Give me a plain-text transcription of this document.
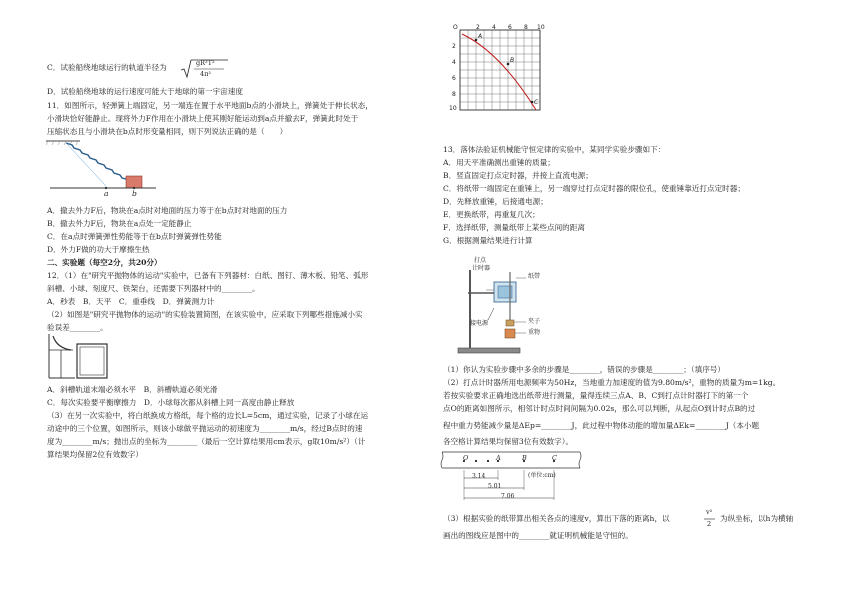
C．试验船绕地球运行的轨道半径为	gR²T²
4π²
D．试验船绕地球的运行速度可能大于地球的第一宇宙速度
11．如图所示，轻弹簧上端固定，另一端连在置于水平地面b点的小滑块上，弹簧处于伸长状态，
小滑块恰好能静止。现将外力F作用在小滑块上使其刚好能运动到a点并撤去F，弹簧此时处于
压缩状态且与小滑块在b点时形变量相同，则下列说法正确的是（　　）
a	b
A．撤去外力F后，物块在a点时对地面的压力等于在b点时对地面的压力
B．撤去外力F后，物块在a点处一定能静止
C．在a点时弹簧弹性势能等于在b点时弹簧弹性势能
D．外力F做的功大于摩擦生热
二、实验题（每空2分，共20分）
12．（1）在"研究平抛物体的运动"实验中，已备有下列器材：白纸、图钉、薄木板、铅笔、弧形
斜槽、小球、刻度尺、铁架台，还需要下列器材中的________。
A．秒表　B．天平　C．重垂线　D．弹簧测力计
（2）如图是"研究平抛物体的运动"的实验装置简图，在该实验中，应采取下列哪些措施减小实
验误差________。
A．斜槽轨道末端必须水平　B．斜槽轨道必须光滑
C．每次实验要平衡摩擦力　D．小球每次都从斜槽上同一高度由静止释放
（3）在另一次实验中，将白纸换成方格纸，每个格的边长L=5cm，通过实验，记录了小球在运
动途中的三个位置，如图所示，则该小球做平抛运动的初速度为________m/s，经过B点时的速
度为________m/s；抛出点的坐标为________（最后一空计算结果用cm表示，g取10m/s²）（计
算结果均保留2位有效数字）
O	2 4 6 8 10
2
4
6
8
10
A
B
C
13．落体法验证机械能守恒定律的实验中，某同学实验步骤如下：
A．用天平准确测出重锤的质量；
B．竖直固定打点定时器，并接上直流电源；
C．将纸带一端固定在重锤上，另一端穿过打点定时器的限位孔，使重锤靠近打点定时器；
D．先释放重锤，后接通电源；
E．更换纸带，再重复几次；
F．选择纸带，测量纸带上某些点间的距离
G．根据测量结果进行计算
打点
计时器
纸带
夹子
接电源
重物
（1）你认为实验步骤中多余的步骤是________，错误的步骤是________；（填序号）
（2）打点计时器所用电源频率为50Hz，当地重力加速度的值为9.80m/s²，重物的质量为m=1kg。
若按实验要求正确地选出纸带进行测量，量得连续三点A、B、C到打点计时器打下的第一个
点O的距离如图所示，相邻计时点时间间隔为0.02s，那么可以判断，从起点O到计时点B的过
程中重力势能减少量是ΔEp=________J，此过程中物体动能的增加量ΔEk=________J（本小题
各空格计算结果均保留3位有效数字）。
O	A	B	C
(单位:cm)
3.14
5.01
7.06
（3）根据实验的纸带算出相关各点的速度v，算出下落的距离h，以
v²
2
为纵坐标，以h为横轴
画出的图线应是图中的________就证明机械能是守恒的。
